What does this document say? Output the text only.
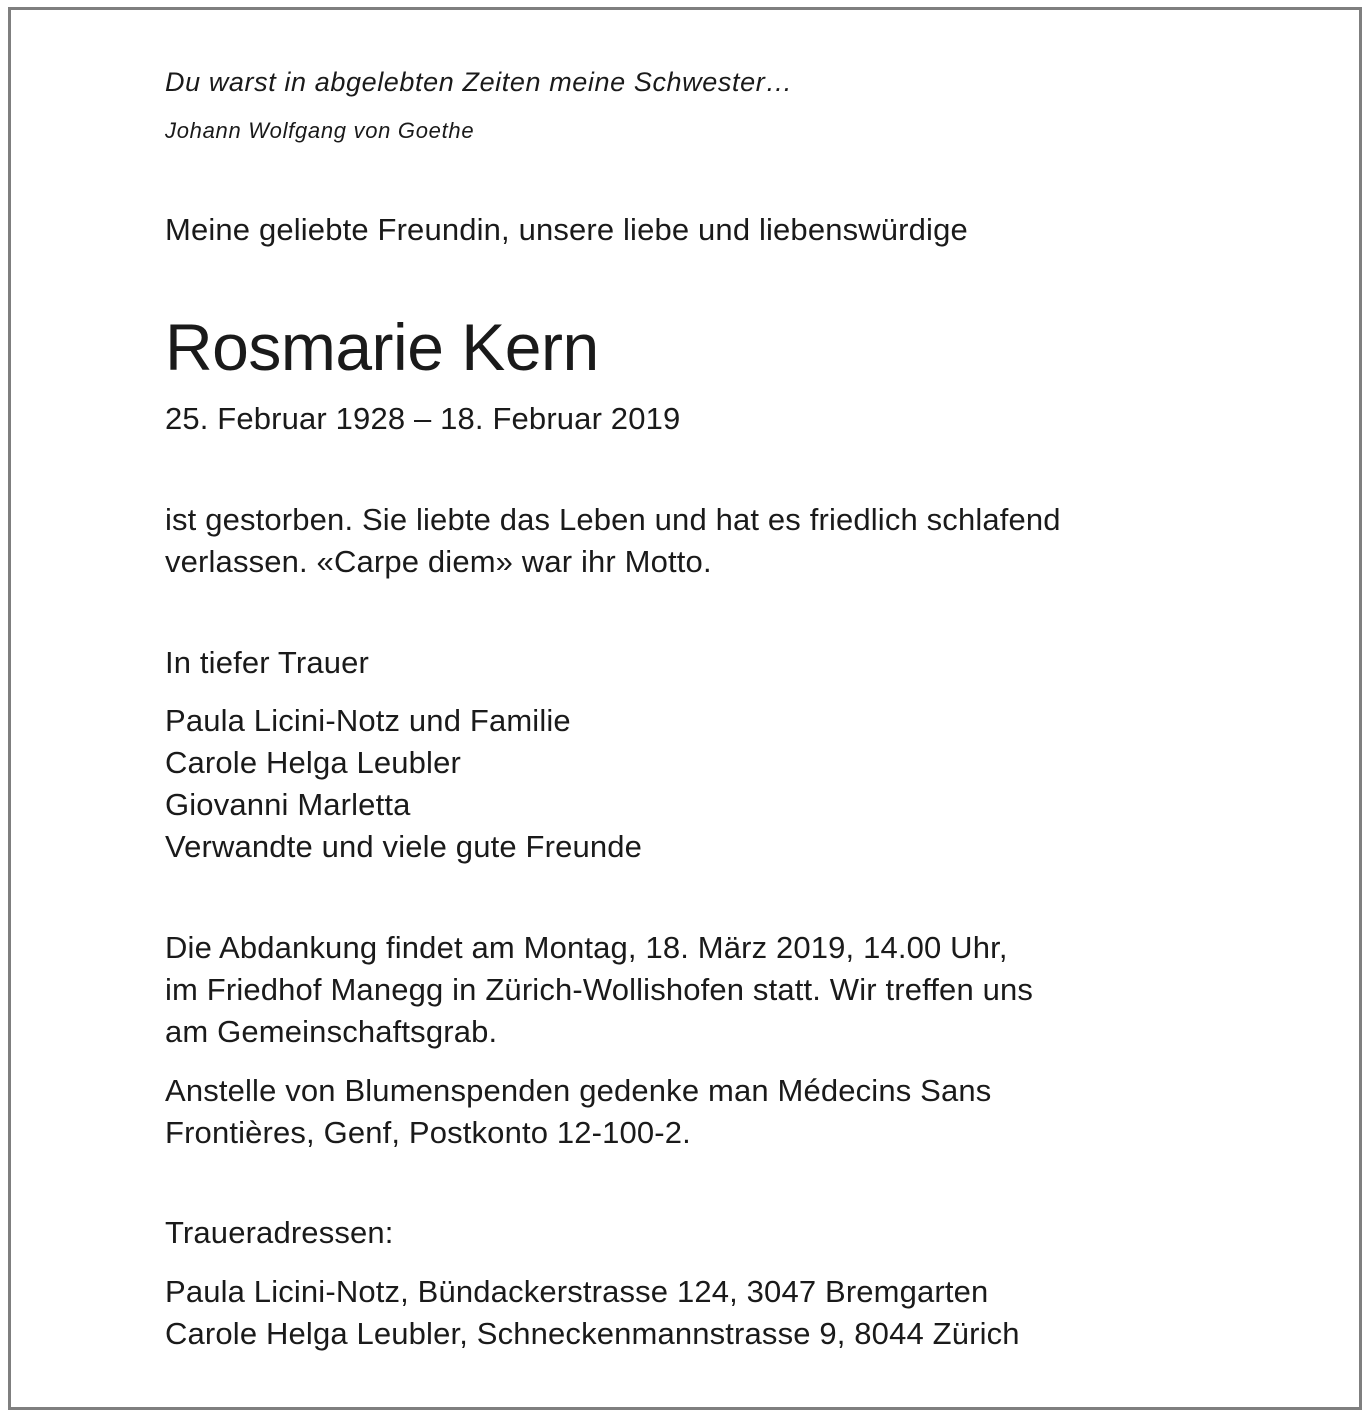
Du warst in abgelebten Zeiten meine Schwester…
Johann Wolfgang von Goethe
Meine geliebte Freundin, unsere liebe und liebenswürdige
Rosmarie Kern
25. Februar 1928 – 18. Februar 2019
ist gestorben. Sie liebte das Leben und hat es friedlich schlafend
verlassen. «Carpe diem» war ihr Motto.
In tiefer Trauer
Paula Licini-Notz und Familie
Carole Helga Leubler
Giovanni Marletta
Verwandte und viele gute Freunde
Die Abdankung findet am Montag, 18. März 2019, 14.00 Uhr,
im Friedhof Manegg in Zürich-Wollishofen statt. Wir treffen uns
am Gemeinschaftsgrab.
Anstelle von Blumenspenden gedenke man Médecins Sans
Frontières, Genf, Postkonto 12-100-2.
Traueradressen:
Paula Licini-Notz, Bündackerstrasse 124, 3047 Bremgarten
Carole Helga Leubler, Schneckenmannstrasse 9, 8044 Zürich
